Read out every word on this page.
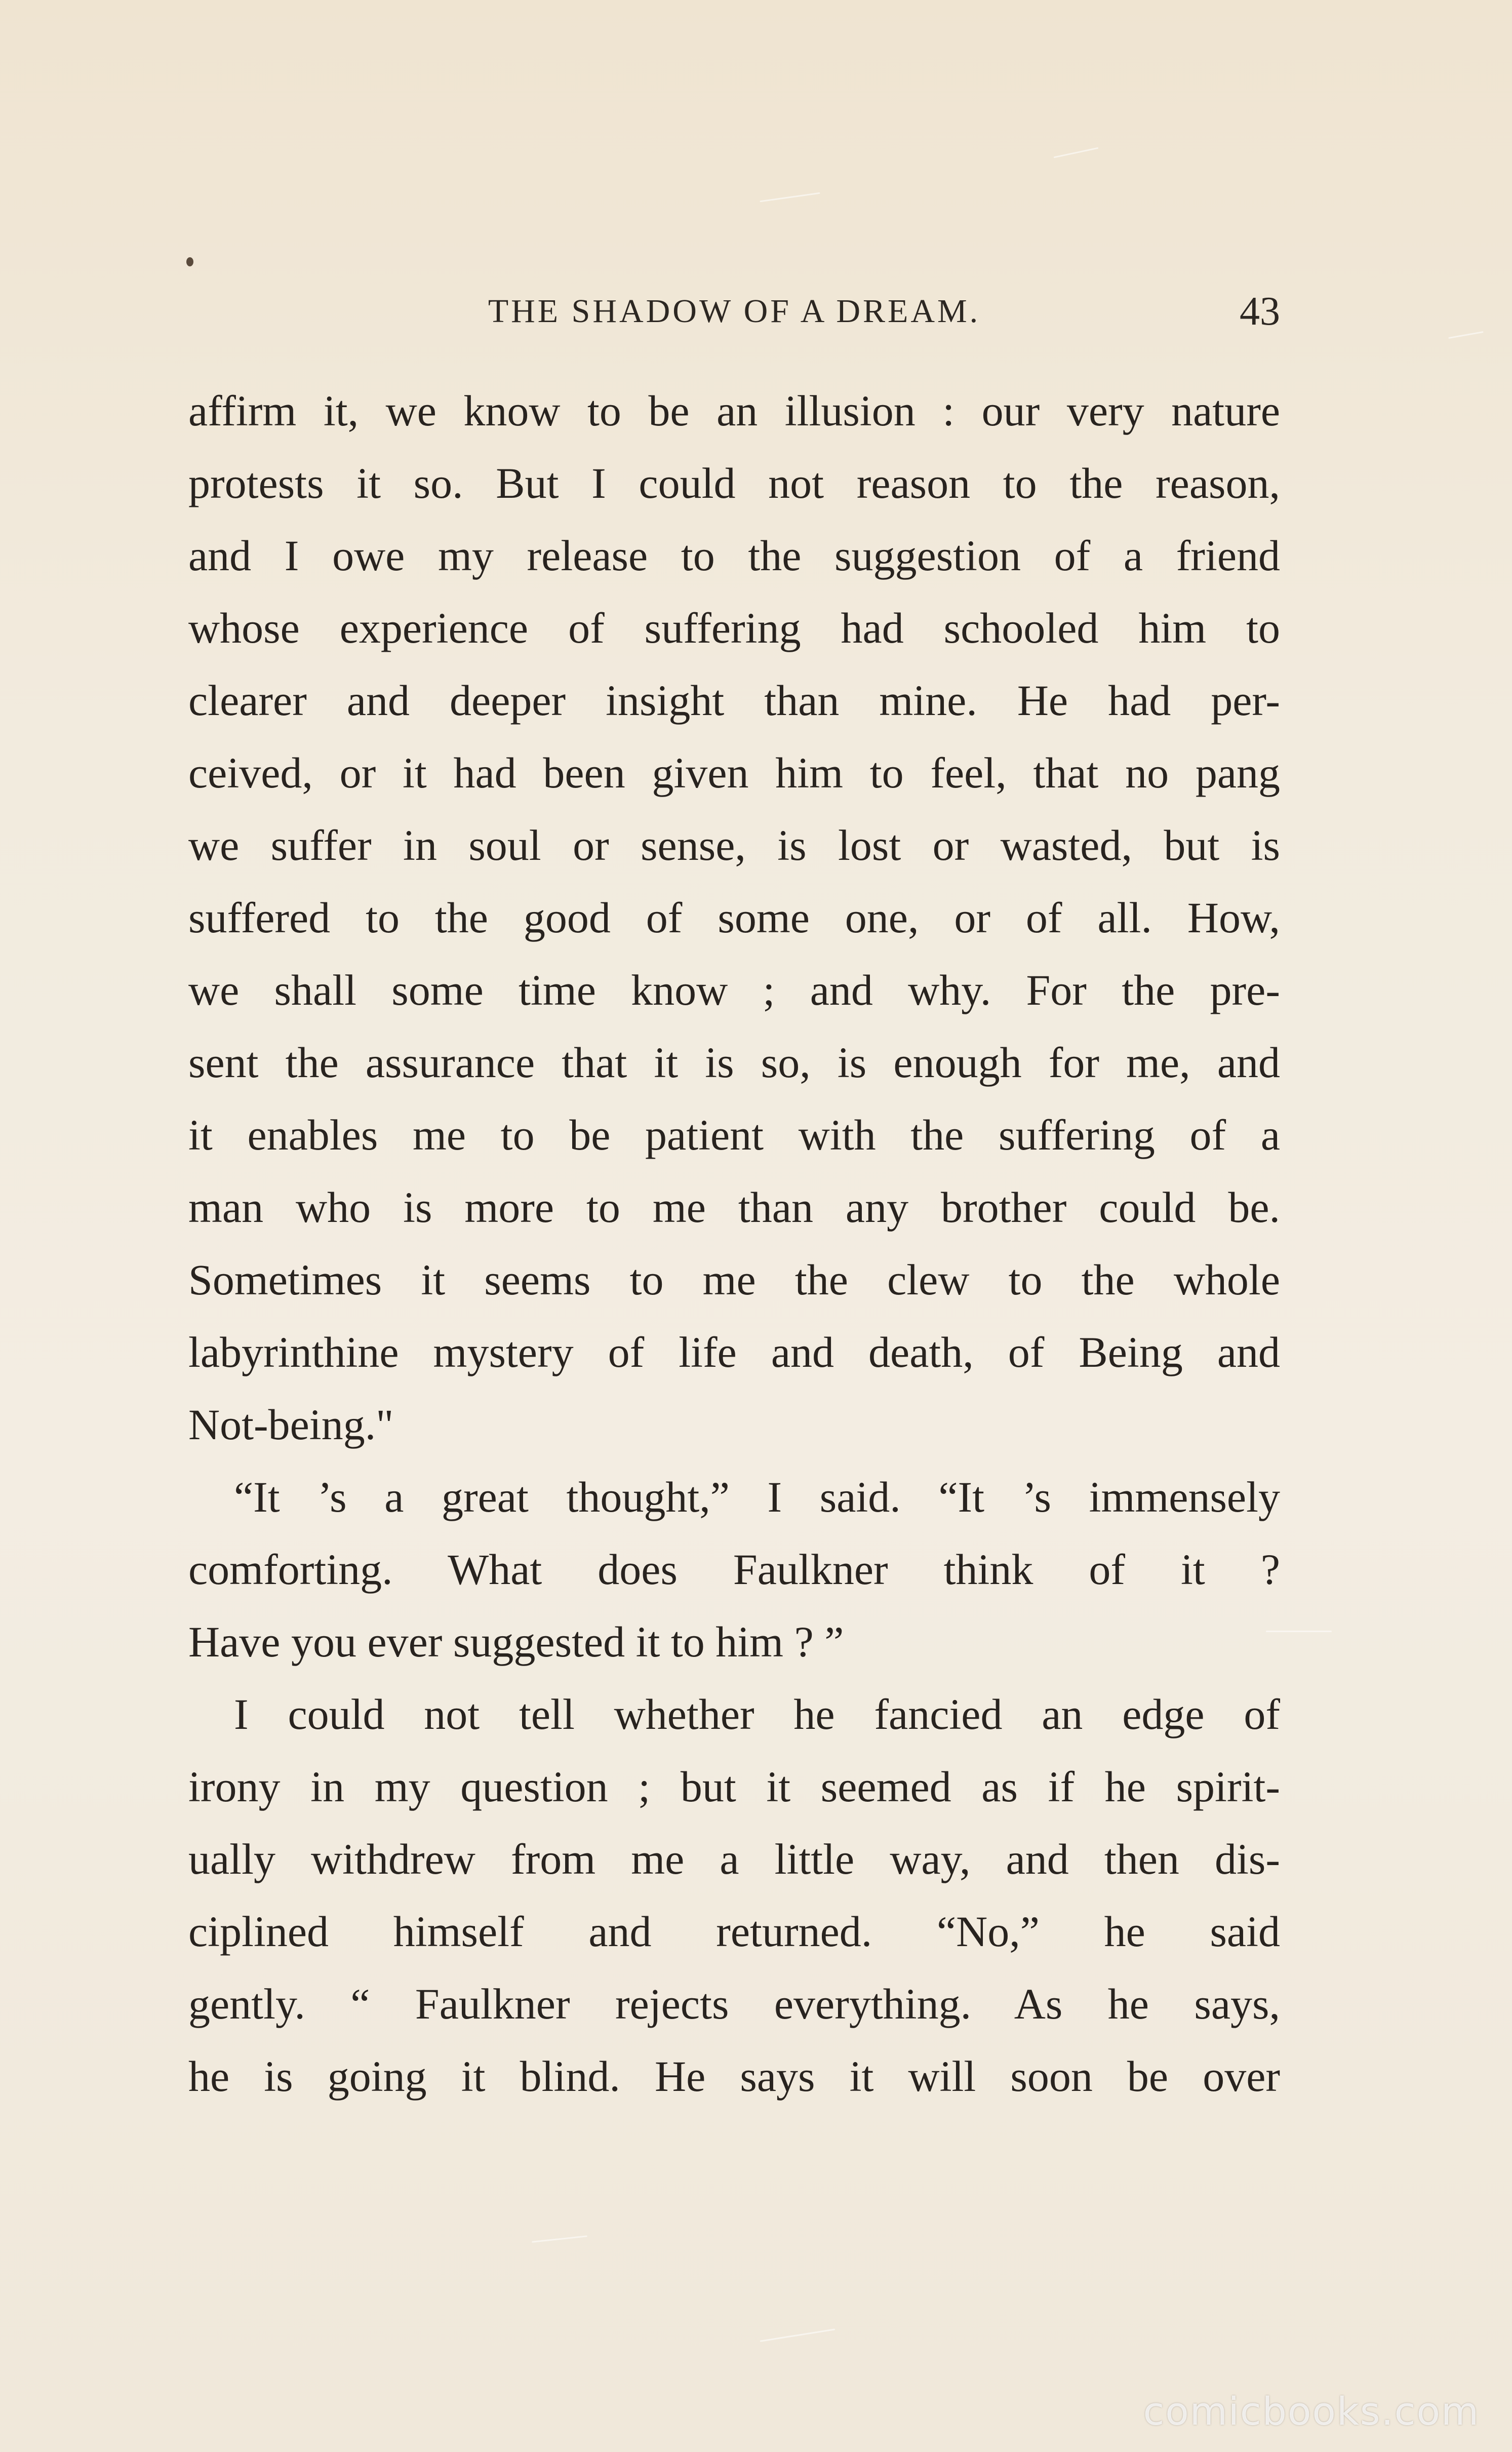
THE SHADOW OF A DREAM.	43
affirm it, we know to be an illusion : our very nature
protests it so. But I could not reason to the reason,
and I owe my release to the suggestion of a friend
whose experience of suffering had schooled him to
clearer and deeper insight than mine. He had per-
ceived, or it had been given him to feel, that no pang
we suffer in soul or sense, is lost or wasted, but is
suffered to the good of some one, or of all. How,
we shall some time know ; and why. For the pre-
sent the assurance that it is so, is enough for me, and
it enables me to be patient with the suffering of a
man who is more to me than any brother could be.
Sometimes it seems to me the clew to the whole
labyrinthine mystery of life and death, of Being and
Not-being."
“It ’s a great thought,” I said. “It ’s immensely
comforting. What does Faulkner think of it ?
Have you ever suggested it to him ? ”
I could not tell whether he fancied an edge of
irony in my question ; but it seemed as if he spirit-
ually withdrew from me a little way, and then dis-
ciplined himself and returned. “No,” he said
gently. “ Faulkner rejects everything. As he says,
he is going it blind. He says it will soon be over
comicbooks.com
